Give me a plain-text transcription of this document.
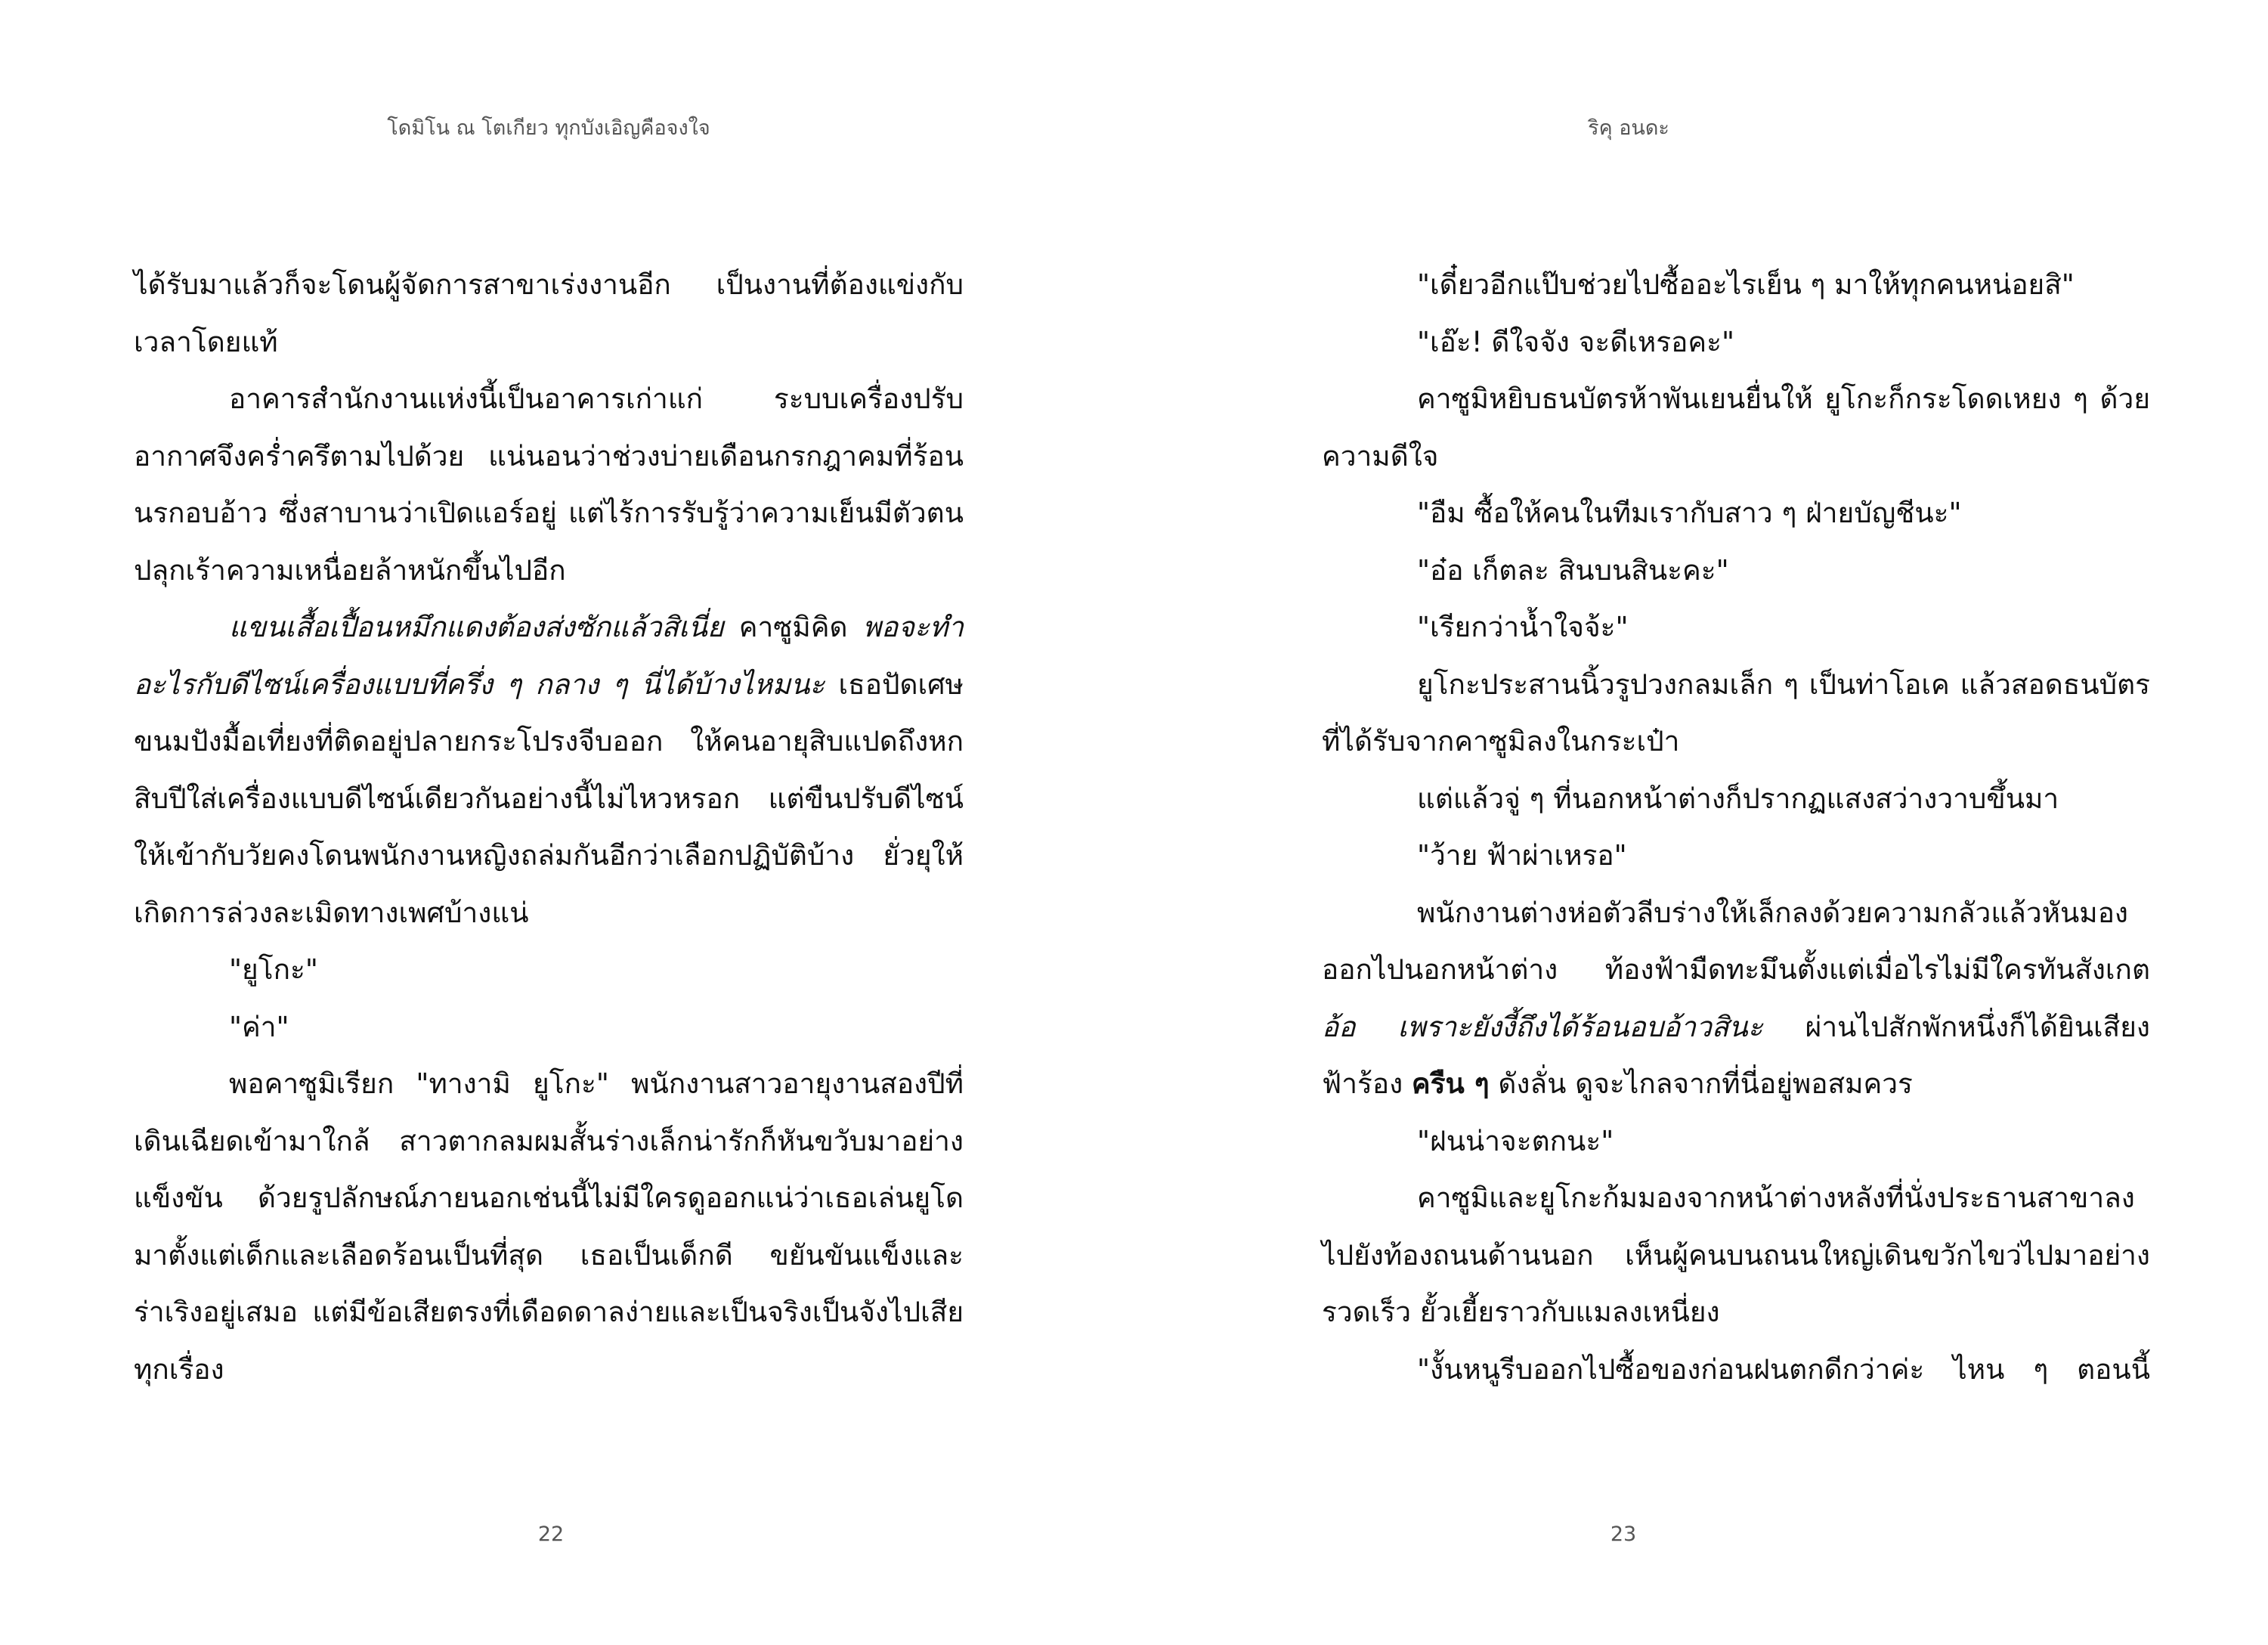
โดมิโน ณ โตเกียว ทุกบังเอิญคือจงใจ

ได้รับมาแล้วก็จะโดนผู้จัดการสาขาเร่งงานอีก เป็นงานที่ต้องแข่งกับเวลาโดยแท้

อาคารสำนักงานแห่งนี้เป็นอาคารเก่าแก่ ระบบเครื่องปรับอากาศจึงคร่ำครึตามไปด้วย แน่นอนว่าช่วงบ่ายเดือนกรกฎาคมที่ร้อนนรกอบอ้าว ซึ่งสาบานว่าเปิดแอร์อยู่ แต่ไร้การรับรู้ว่าความเย็นมีตัวตนปลุกเร้าความเหนื่อยล้าหนักขึ้นไปอีก

แขนเสื้อเปื้อนหมึกแดงต้องส่งซักแล้วสิเนี่ย คาซูมิคิด พอจะทำอะไรกับดีไซน์เครื่องแบบที่ครึ่ง ๆ กลาง ๆ นี่ได้บ้างไหมนะ เธอปัดเศษขนมปังมื้อเที่ยงที่ติดอยู่ปลายกระโปรงจีบออก ให้คนอายุสิบแปดถึงหกสิบปีใส่เครื่องแบบดีไซน์เดียวกันอย่างนี้ไม่ไหวหรอก แต่ขืนปรับดีไซน์ให้เข้ากับวัยคงโดนพนักงานหญิงถล่มกันอีกว่าเลือกปฏิบัติบ้าง ยั่วยุให้เกิดการล่วงละเมิดทางเพศบ้างแน่

"ยูโกะ"

"ค่า"

พอคาซูมิเรียก "ทางามิ ยูโกะ" พนักงานสาวอายุงานสองปีที่เดินเฉียดเข้ามาใกล้ สาวตากลมผมสั้นร่างเล็กน่ารักก็หันขวับมาอย่างแข็งขัน ด้วยรูปลักษณ์ภายนอกเช่นนี้ไม่มีใครดูออกแน่ว่าเธอเล่นยูโดมาตั้งแต่เด็กและเลือดร้อนเป็นที่สุด เธอเป็นเด็กดี ขยันขันแข็งและร่าเริงอยู่เสมอ แต่มีข้อเสียตรงที่เดือดดาลง่ายและเป็นจริงเป็นจังไปเสียทุกเรื่อง

22
ริคุ อนดะ

"เดี๋ยวอีกแป๊บช่วยไปซื้ออะไรเย็น ๆ มาให้ทุกคนหน่อยสิ"

"เอ๊ะ! ดีใจจัง จะดีเหรอคะ"

คาซูมิหยิบธนบัตรห้าพันเยนยื่นให้ ยูโกะก็กระโดดเหยง ๆ ด้วยความดีใจ

"อืม ซื้อให้คนในทีมเรากับสาว ๆ ฝ่ายบัญชีนะ"

"อ๋อ เก็ตละ สินบนสินะคะ"

"เรียกว่าน้ำใจจ้ะ"

ยูโกะประสานนิ้วรูปวงกลมเล็ก ๆ เป็นท่าโอเค แล้วสอดธนบัตรที่ได้รับจากคาซูมิลงในกระเป๋า

แต่แล้วจู่ ๆ ที่นอกหน้าต่างก็ปรากฏแสงสว่างวาบขึ้นมา

"ว้าย ฟ้าผ่าเหรอ"

พนักงานต่างห่อตัวลีบร่างให้เล็กลงด้วยความกลัวแล้วหันมองออกไปนอกหน้าต่าง ท้องฟ้ามืดทะมึนตั้งแต่เมื่อไรไม่มีใครทันสังเกต อ้อ เพราะยังงี้ถึงได้ร้อนอบอ้าวสินะ ผ่านไปสักพักหนึ่งก็ได้ยินเสียงฟ้าร้อง ครืน ๆ ดังลั่น ดูจะไกลจากที่นี่อยู่พอสมควร

"ฝนน่าจะตกนะ"

คาซูมิและยูโกะก้มมองจากหน้าต่างหลังที่นั่งประธานสาขาลงไปยังท้องถนนด้านนอก เห็นผู้คนบนถนนใหญ่เดินขวักไขว่ไปมาอย่างรวดเร็ว ยั้วเยี้ยราวกับแมลงเหนี่ยง

"งั้นหนูรีบออกไปซื้อของก่อนฝนตกดีกว่าค่ะ ไหน ๆ ตอนนี้

23
